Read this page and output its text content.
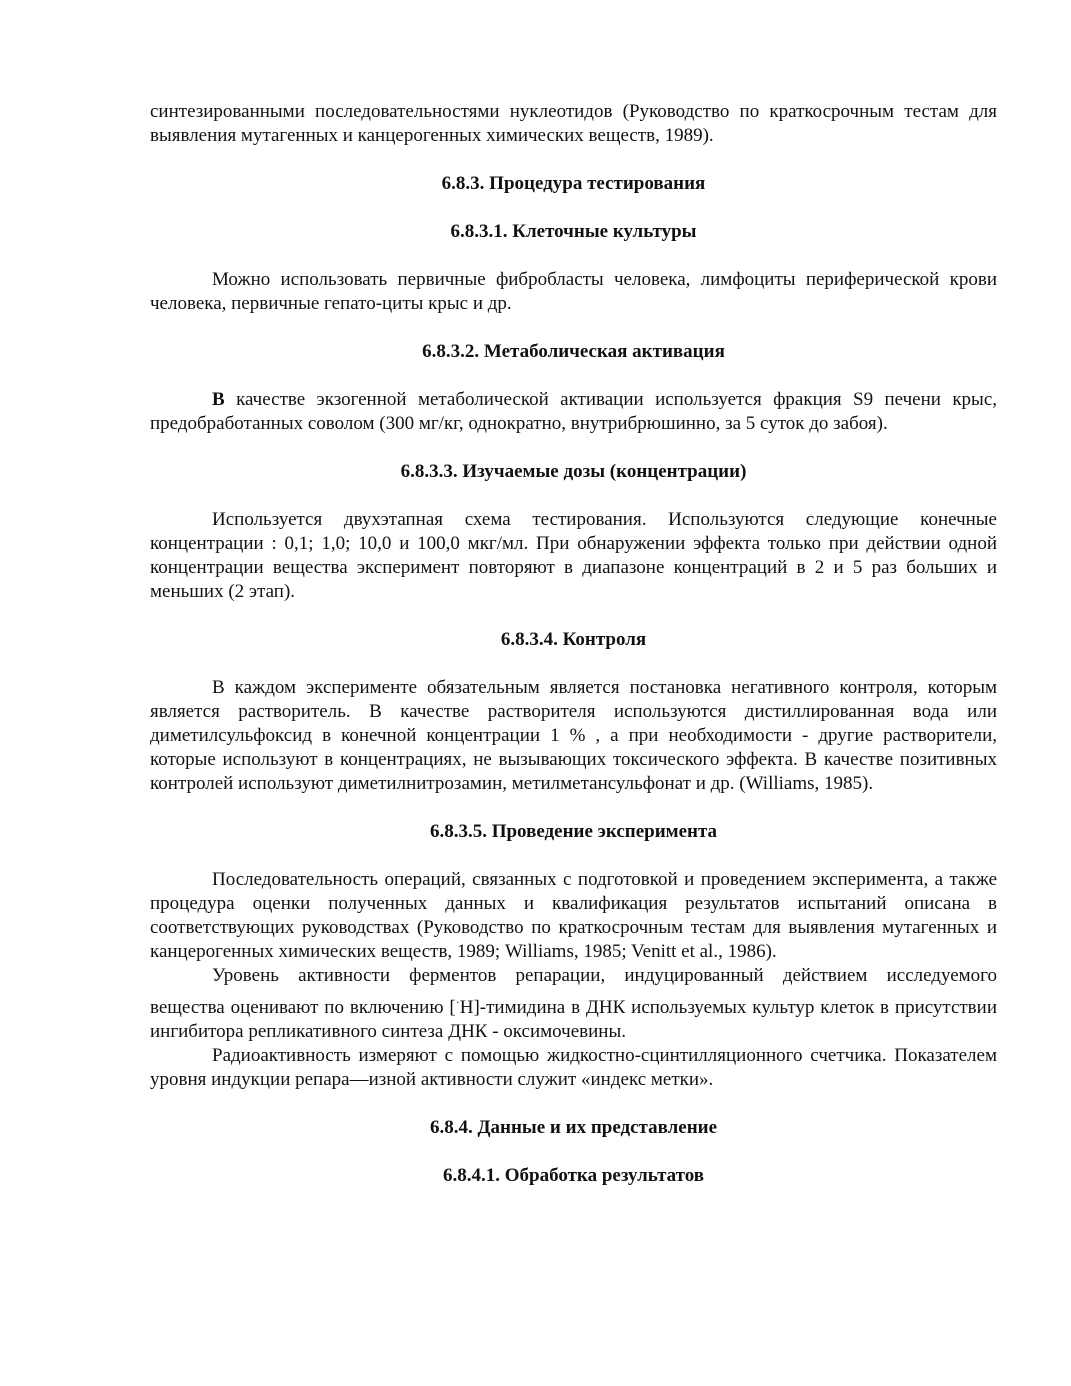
синтезированными последовательностями нуклеотидов (Руководство по краткосрочным тестам для выявления мутагенных и канцерогенных химических веществ, 1989).

6.8.3. Процедура тестирования
6.8.3.1. Клеточные культуры

Можно использовать первичные фибробласты человека, лимфоциты периферической крови человека, первичные гепато-циты крыс и др.

6.8.3.2. Метаболическая активация

В качестве экзогенной метаболической активации используется фракция S9 печени крыс, предобработанных соволом (300 мг/кг, однократно, внутрибрюшинно, за 5 суток до забоя).

6.8.3.3. Изучаемые дозы (концентрации)

Используется двухэтапная схема тестирования. Используются следующие конечные концентрации : 0,1; 1,0; 10,0 и 100,0 мкг/мл. При обнаружении эффекта только при действии одной концентрации вещества эксперимент повторяют в диапазоне концентраций в 2 и 5 раз больших и меньших (2 этап).

6.8.3.4. Контроля

В каждом эксперименте обязательным является постановка негативного контроля, которым является растворитель. В качестве растворителя используются дистиллированная вода или диметилсульфоксид в конечной концентрации 1 % , а при необходимости - другие растворители, которые используют в концентрациях, не вызывающих токсического эффекта. В качестве позитивных контролей используют диметилнитрозамин, метилметансульфонат и др. (Williams, 1985).

6.8.3.5. Проведение эксперимента

Последовательность операций, связанных с подготовкой и проведением эксперимента, а также процедура оценки полученных данных и квалификация результатов испытаний описана в соответствующих руководствах (Руководство по краткосрочным тестам для выявления мутагенных и канцерогенных химических веществ, 1989; Williams, 1985; Venitt et al., 1986).

Уровень активности ферментов репарации, индуцированный действием исследуемого

вещества оценивают по включению [·H]-тимидина в ДНК используемых культур клеток в присутствии ингибитора репликативного синтеза ДНК - оксимочевины.

Радиоактивность измеряют с помощью жидкостно-сцинтилляционного счетчика. Показателем уровня индукции репара—изной активности служит «индекс метки».

6.8.4. Данные и их представление
6.8.4.1. Обработка результатов
